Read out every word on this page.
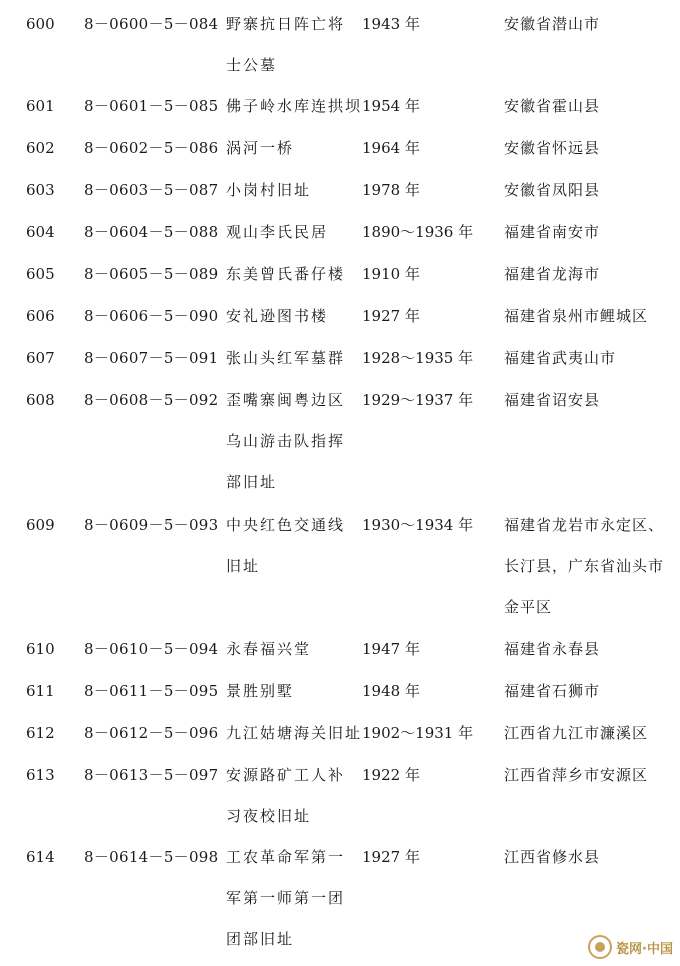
600 8－0600－5－084 野寨抗日阵亡将
士公墓
1943 年	安徽省潜山市
601 8－0601－5－085 佛子岭水库连拱坝 1954 年	安徽省霍山县
602 8－0602－5－086 涡河一桥	1964 年	安徽省怀远县
603 8－0603－5－087 小岗村旧址	1978 年	安徽省凤阳县
604 8－0604－5－088 观山李氏民居 1890～1936 年 福建省南安市
605 8－0605－5－089 东美曾氏番仔楼 1910 年	福建省龙海市
606 8－0606－5－090 安礼逊图书楼 1927 年	福建省泉州市鲤城区
607 8－0607－5－091 张山头红军墓群 1928～1935 年 福建省武夷山市
608 8－0608－5－092 歪嘴寨闽粤边区
乌山游击队指挥
部旧址
1929～1937 年 福建省诏安县
609 8－0609－5－093 中央红色交通线
旧址
1930～1934 年 福建省龙岩市永定区、
长汀县，广东省汕头市
金平区
610 8－0610－5－094 永春福兴堂	1947 年	福建省永春县
611 8－0611－5－095 景胜别墅	1948 年	福建省石狮市
612 8－0612－5－096 九江姑塘海关旧址 1902～1931 年 江西省九江市濂溪区
613 8－0613－5－097 安源路矿工人补
习夜校旧址
1922 年	江西省萍乡市安源区
614 8－0614－5－098 工农革命军第一
军第一师第一团
团部旧址
1927 年	江西省修水县
瓷网·中国
